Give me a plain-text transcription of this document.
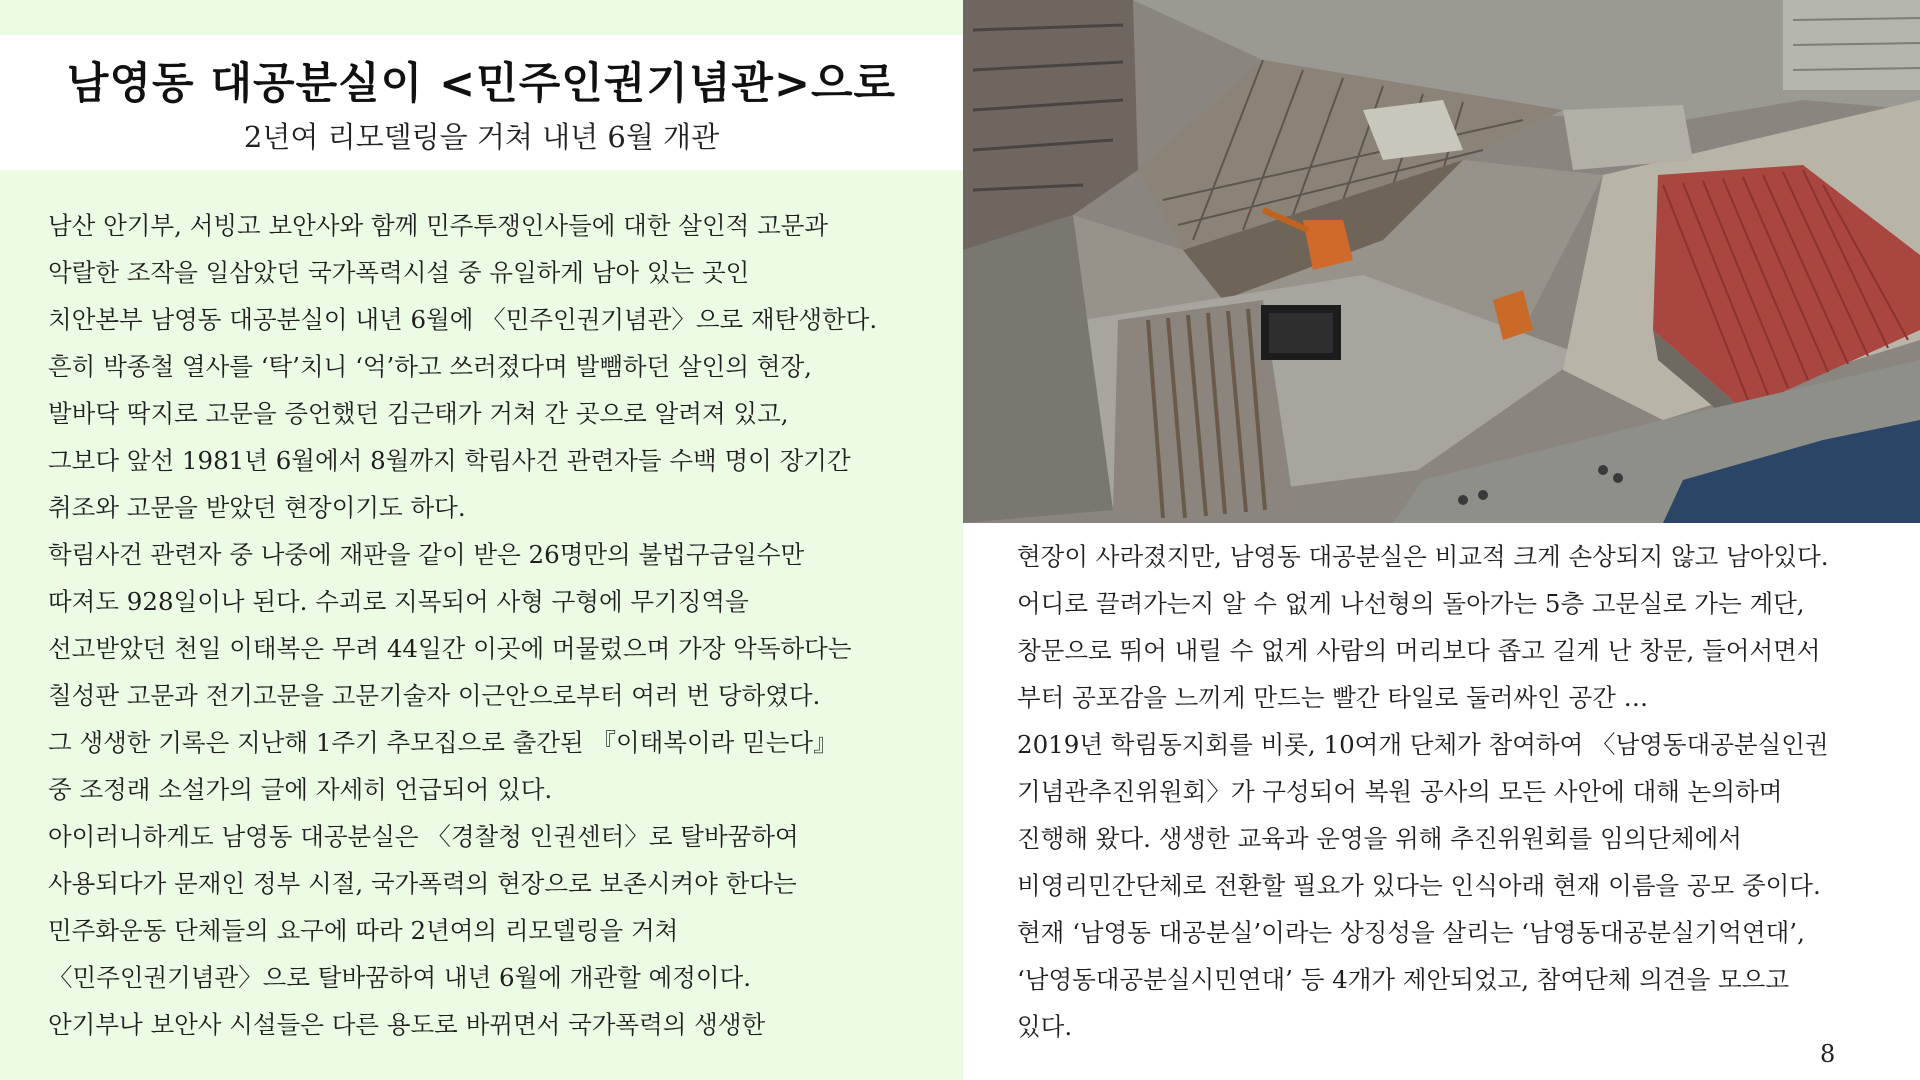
남영동 대공분실이 <민주인권기념관>으로
2년여 리모델링을 거쳐 내년 6월 개관
남산 안기부, 서빙고 보안사와 함께 민주투쟁인사들에 대한 살인적 고문과
악랄한 조작을 일삼았던 국가폭력시설 중 유일하게 남아 있는 곳인
치안본부 남영동 대공분실이 내년 6월에 〈민주인권기념관〉으로 재탄생한다.
흔히 박종철 열사를 ‘탁’치니 ‘억’하고 쓰러졌다며 발뺌하던 살인의 현장,
발바닥 딱지로 고문을 증언했던 김근태가 거쳐 간 곳으로 알려져 있고,
그보다 앞선 1981년 6월에서 8월까지 학림사건 관련자들 수백 명이 장기간
취조와 고문을 받았던 현장이기도 하다.
학림사건 관련자 중 나중에 재판을 같이 받은 26명만의 불법구금일수만
따져도 928일이나 된다. 수괴로 지목되어 사형 구형에 무기징역을
선고받았던 천일 이태복은 무려 44일간 이곳에 머물렀으며 가장 악독하다는
칠성판 고문과 전기고문을 고문기술자 이근안으로부터 여러 번 당하였다.
그 생생한 기록은 지난해 1주기 추모집으로 출간된 『이태복이라 믿는다』
중 조정래 소설가의 글에 자세히 언급되어 있다.
아이러니하게도 남영동 대공분실은 〈경찰청 인권센터〉로 탈바꿈하여
사용되다가 문재인 정부 시절, 국가폭력의 현장으로 보존시켜야 한다는
민주화운동 단체들의 요구에 따라 2년여의 리모델링을 거쳐
〈민주인권기념관〉으로 탈바꿈하여 내년 6월에 개관할 예정이다.
안기부나 보안사 시설들은 다른 용도로 바뀌면서 국가폭력의 생생한
현장이 사라졌지만, 남영동 대공분실은 비교적 크게 손상되지 않고 남아있다.
어디로 끌려가는지 알 수 없게 나선형의 돌아가는 5층 고문실로 가는 계단,
창문으로 뛰어 내릴 수 없게 사람의 머리보다 좁고 길게 난 창문, 들어서면서
부터 공포감을 느끼게 만드는 빨간 타일로 둘러싸인 공간 …
2019년 학림동지회를 비롯, 10여개 단체가 참여하여 〈남영동대공분실인권
기념관추진위원회〉가 구성되어 복원 공사의 모든 사안에 대해 논의하며
진행해 왔다. 생생한 교육과 운영을 위해 추진위원회를 임의단체에서
비영리민간단체로 전환할 필요가 있다는 인식아래 현재 이름을 공모 중이다.
현재 ‘남영동 대공분실’이라는 상징성을 살리는 ‘남영동대공분실기억연대’,
‘남영동대공분실시민연대’ 등 4개가 제안되었고, 참여단체 의견을 모으고
있다.
8
